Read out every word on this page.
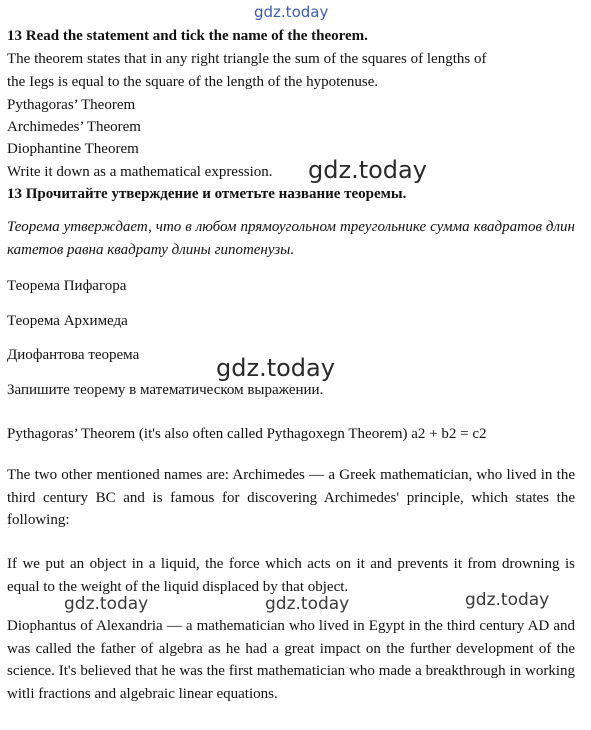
gdz.today
13 Read the statement and tick the name of the theorem.
The theorem states that in any right triangle the sum of the squares of lengths of
the Iegs is equal to the square of the length of the hypotenuse.
Pythagoras’ Theorem
Archimedes’ Theorem
Diophantine Theorem
Write it down as a mathematical expression. gdz.today
13 Прочитайте утверждение и отметьте название теоремы.
Теорема утверждает, что в любом прямоугольном треугольнике сумма квадратов длин катетов равна квадрату длины гипотенузы.
Теорема Пифагора
Теорема Архимеда
Диофантова теорема	gdz.today
Запишите теорему в математическом выражении.
Pythagoras’ Theorem (it's also often called Pythagoxegn Theorem) a2 + b2 = c2
The two other mentioned names are: Archimedes — a Greek mathematician, who lived in the third century BC and is famous for discovering Archimedes' principle, which states the following:
If we put an object in a liquid, the force which acts on it and prevents it from drowning is equal to the weight of the liquid displaced by that object.
gdz.today	gdz.today	gdz.today
Diophantus of Alexandria — a mathematician who lived in Egypt in the third century AD and was called the father of algebra as he had a great impact on the further development of the science. It's believed that he was the first mathematician who made a breakthrough in working witli fractions and algebraic linear equations.
